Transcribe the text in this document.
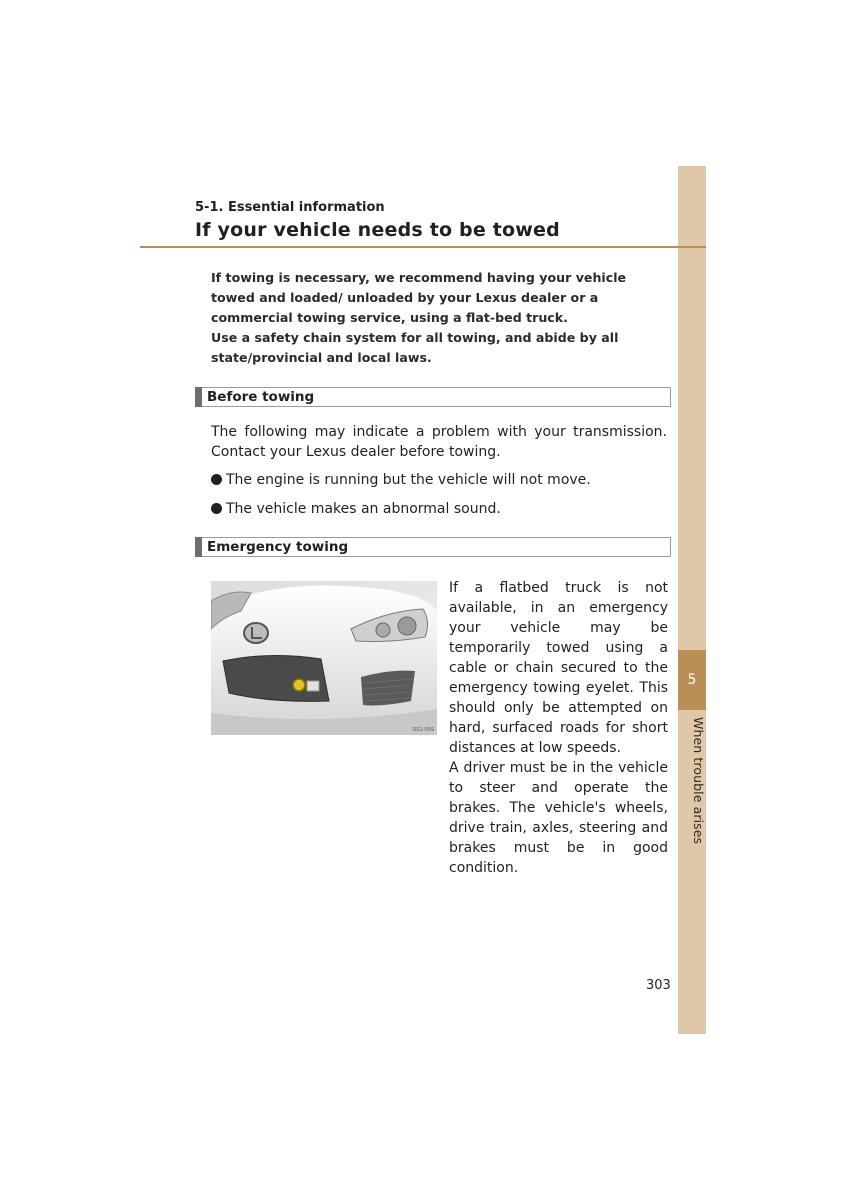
5
When trouble arises
5-1. Essential information
If your vehicle needs to be towed

If towing is necessary, we recommend having your vehicle towed and loaded/ unloaded by your Lexus dealer or a commercial towing service, using a flat-bed truck.

Use a safety chain system for all towing, and abide by all state/provincial and local laws.

Before towing
The following may indicate a problem with your transmission. Contact your Lexus dealer before towing.
The engine is running but the vehicle will not move.
The vehicle makes an abnormal sound.
Emergency towing
OS1-009

If a flatbed truck is not available, in an emergency your vehicle may be temporarily towed using a cable or chain secured to the emergency towing eyelet. This should only be attempted on hard, surfaced roads for short distances at low speeds.

A driver must be in the vehicle to steer and operate the brakes. The vehicle's wheels, drive train, axles, steering and brakes must be in good condition.

303
